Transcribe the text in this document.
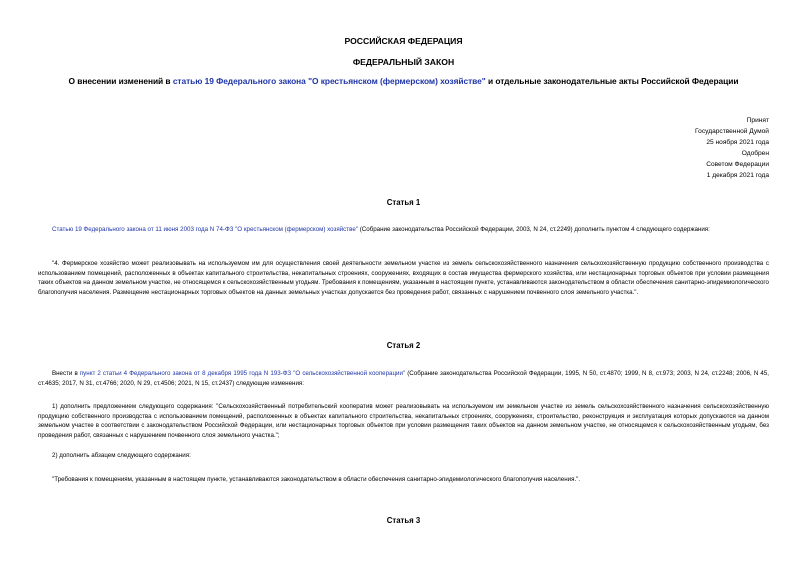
РОССИЙСКАЯ ФЕДЕРАЦИЯ
ФЕДЕРАЛЬНЫЙ ЗАКОН
О внесении изменений в статью 19 Федерального закона "О крестьянском (фермерском) хозяйстве" и отдельные законодательные акты Российской Федерации
Принят
Государственной Думой
25 ноября 2021 года
Одобрен
Советом Федерации
1 декабря 2021 года
Статья 1
Статью 19 Федерального закона от 11 июня 2003 года N 74-ФЗ "О крестьянском (фермерском) хозяйстве" (Собрание законодательства Российской Федерации, 2003, N 24, ст.2249) дополнить пунктом 4 следующего содержания:
"4. Фермерское хозяйство может реализовывать на используемом им для осуществления своей деятельности земельном участке из земель сельскохозяйственного назначения сельскохозяйственную продукцию собственного производства с использованием помещений, расположенных в объектах капитального строительства, некапитальных строениях, сооружениях, входящих в состав имущества фермерского хозяйства, или нестационарных торговых объектов при условии размещения таких объектов на данном земельном участке, не относящемся к сельскохозяйственным угодьям. Требования к помещениям, указанным в настоящем пункте, устанавливаются законодательством в области обеспечения санитарно-эпидемиологического благополучия населения. Размещение нестационарных торговых объектов на данных земельных участках допускается без проведения работ, связанных с нарушением почвенного слоя земельного участка.".
Статья 2
Внести в пункт 2 статьи 4 Федерального закона от 8 декабря 1995 года N 193-ФЗ "О сельскохозяйственной кооперации" (Собрание законодательства Российской Федерации, 1995, N 50, ст.4870; 1999, N 8, ст.973; 2003, N 24, ст.2248; 2006, N 45, ст.4635; 2017, N 31, ст.4766; 2020, N 29, ст.4506; 2021, N 15, ст.2437) следующие изменения:
1) дополнить предложением следующего содержания: "Сельскохозяйственный потребительский кооператив может реализовывать на используемом им земельном участке из земель сельскохозяйственного назначения сельскохозяйственную продукцию собственного производства с использованием помещений, расположенных в объектах капитального строительства, некапитальных строениях, сооружениях, строительство, реконструкция и эксплуатация которых допускаются на данном земельном участке в соответствии с законодательством Российской Федерации, или нестационарных торговых объектов при условии размещения таких объектов на данном земельном участке, не относящемся к сельскохозяйственным угодьям, без проведения работ, связанных с нарушением почвенного слоя земельного участка.";
2) дополнить абзацем следующего содержания:
"Требования к помещениям, указанным в настоящем пункте, устанавливаются законодательством в области обеспечения санитарно-эпидемиологического благополучия населения.".
Статья 3
